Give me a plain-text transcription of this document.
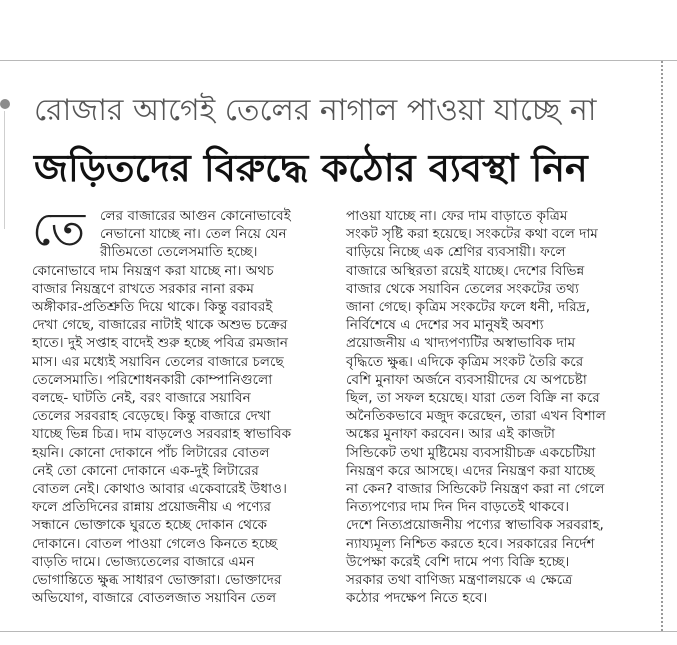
রোজার আগেই তেলের নাগাল পাওয়া যাচ্ছে না
জড়িতদের বিরুদ্ধে কঠোর ব্যবস্থা নিন
তে	লের বাজারের আগুন কোনোভাবেই
নেভানো যাচ্ছে না। তেল নিয়ে যেন
রীতিমতো তেলেসমাতি হচ্ছে।
কোনোভাবে দাম নিয়ন্ত্রণ করা যাচ্ছে না। অথচ
বাজার নিয়ন্ত্রণে রাখতে সরকার নানা রকম
অঙ্গীকার-প্রতিশ্রুতি দিয়ে থাকে। কিন্তু বরাবরই
দেখা গেছে, বাজারের নাটাই থাকে অশুভ চক্রের
হাতে। দুই সপ্তাহ বাদেই শুরু হচ্ছে পবিত্র রমজান
মাস। এর মধ্যেই সয়াবিন তেলের বাজারে চলছে
তেলেসমাতি। পরিশোধনকারী কোম্পানিগুলো
বলছে- ঘাটতি নেই, বরং বাজারে সয়াবিন
তেলের সরবরাহ বেড়েছে। কিন্তু বাজারে দেখা
যাচ্ছে ভিন্ন চিত্র। দাম বাড়লেও সরবরাহ স্বাভাবিক
হয়নি। কোনো দোকানে পাঁচ লিটারের বোতল
নেই তো কোনো দোকানে এক-দুই লিটারের
বোতল নেই। কোথাও আবার একেবারেই উধাও।
ফলে প্রতিদিনের রান্নায় প্রয়োজনীয় এ পণ্যের
সন্ধানে ভোক্তাকে ঘুরতে হচ্ছে দোকান থেকে
দোকানে। বোতল পাওয়া গেলেও কিনতে হচ্ছে
বাড়তি দামে। ভোজ্যতেলের বাজারে এমন
ভোগান্তিতে ক্ষুব্ধ সাধারণ ভোক্তারা। ভোক্তাদের
অভিযোগ, বাজারে বোতলজাত সয়াবিন তেল
পাওয়া যাচ্ছে না। ফের দাম বাড়াতে কৃত্রিম
সংকট সৃষ্টি করা হয়েছে। সংকটের কথা বলে দাম
বাড়িয়ে নিচ্ছে এক শ্রেণির ব্যবসায়ী। ফলে
বাজারে অস্থিরতা রয়েই যাচ্ছে। দেশের বিভিন্ন
বাজার থেকে সয়াবিন তেলের সংকটের তথ্য
জানা গেছে। কৃত্রিম সংকটের ফলে ধনী, দরিদ্র,
নির্বিশেষে এ দেশের সব মানুষই অবশ্য
প্রয়োজনীয় এ খাদ্যপণ্যটির অস্বাভাবিক দাম
বৃদ্ধিতে ক্ষুব্ধ। এদিকে কৃত্রিম সংকট তৈরি করে
বেশি মুনাফা অর্জনে ব্যবসায়ীদের যে অপচেষ্টা
ছিল, তা সফল হয়েছে। যারা তেল বিক্রি না করে
অনৈতিকভাবে মজুদ করেছেন, তারা এখন বিশাল
অঙ্কের মুনাফা করবেন। আর এই কাজটা
সিন্ডিকেট তথা মুষ্টিমেয় ব্যবসায়ীচক্র একচেটিয়া
নিয়ন্ত্রণ করে আসছে। এদের নিয়ন্ত্রণ করা যাচ্ছে
না কেন? বাজার সিন্ডিকেট নিয়ন্ত্রণ করা না গেলে
নিত্যপণ্যের দাম দিন দিন বাড়তেই থাকবে।
দেশে নিত্যপ্রয়োজনীয় পণ্যের স্বাভাবিক সরবরাহ,
ন্যায্যমূল্য নিশ্চিত করতে হবে। সরকারের নির্দেশ
উপেক্ষা করেই বেশি দামে পণ্য বিক্রি হচ্ছে।
সরকার তথা বাণিজ্য মন্ত্রণালয়কে এ ক্ষেত্রে
কঠোর পদক্ষেপ নিতে হবে।
